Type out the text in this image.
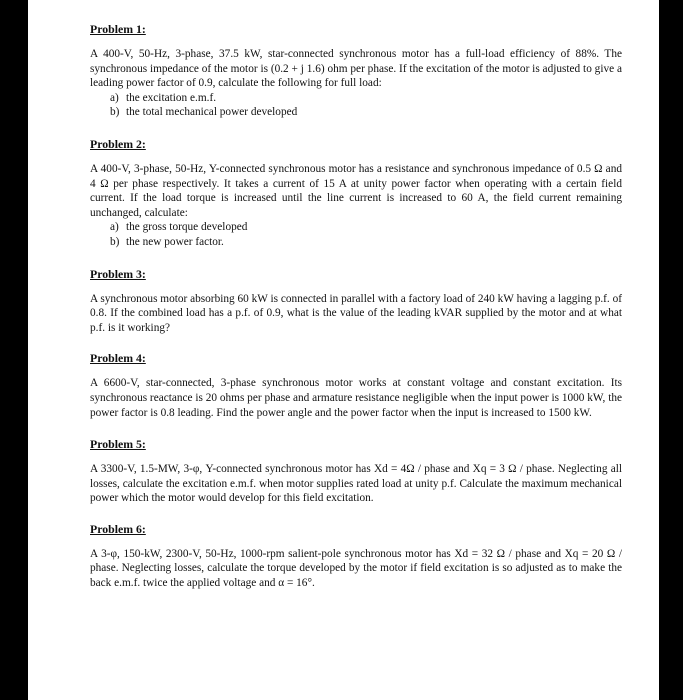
Problem 1:

A 400-V, 50-Hz, 3-phase, 37.5 kW, star-connected synchronous motor has a full-load efficiency of 88%. The synchronous impedance of the motor is (0.2 + j 1.6) ohm per phase. If the excitation of the motor is adjusted to give a leading power factor of 0.9, calculate the following for full load:

a) the excitation e.m.f.
b) the total mechanical power developed

Problem 2:

A 400-V, 3-phase, 50-Hz, Y-connected synchronous motor has a resistance and synchronous impedance of 0.5 Ω and 4 Ω per phase respectively. It takes a current of 15 A at unity power factor when operating with a certain field current. If the load torque is increased until the line current is increased to 60 A, the field current remaining unchanged, calculate:

a) the gross torque developed
b) the new power factor.

Problem 3:

A synchronous motor absorbing 60 kW is connected in parallel with a factory load of 240 kW having a lagging p.f. of 0.8. If the combined load has a p.f. of 0.9, what is the value of the leading kVAR supplied by the motor and at what p.f. is it working?

Problem 4:

A 6600-V, star-connected, 3-phase synchronous motor works at constant voltage and constant excitation. Its synchronous reactance is 20 ohms per phase and armature resistance negligible when the input power is 1000 kW, the power factor is 0.8 leading. Find the power angle and the power factor when the input is increased to 1500 kW.

Problem 5:

A 3300-V, 1.5-MW, 3-φ, Y-connected synchronous motor has Xd = 4Ω / phase and Xq = 3 Ω / phase. Neglecting all losses, calculate the excitation e.m.f. when motor supplies rated load at unity p.f. Calculate the maximum mechanical power which the motor would develop for this field excitation.

Problem 6:

A 3-φ, 150-kW, 2300-V, 50-Hz, 1000-rpm salient-pole synchronous motor has Xd = 32 Ω / phase and Xq = 20 Ω / phase. Neglecting losses, calculate the torque developed by the motor if field excitation is so adjusted as to make the back e.m.f. twice the applied voltage and α = 16°.
